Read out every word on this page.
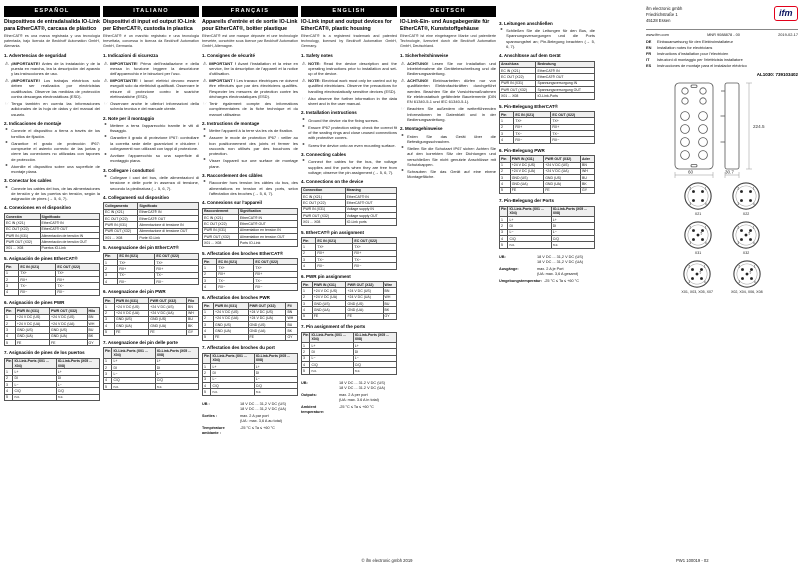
ESPAÑOL
Dispositivos de entrada/salida IO-Link para EtherCAT®, carcasa de plástico

EtherCAT® es una marca registrada y una tecnología patentada, bajo licencia de Beckhoff Automation GmbH, Alemania.

1. Advertencias de seguridad
⚠ ¡IMPORTANTE! Antes de la instalación y de la puesta en marcha, lea la descripción del aparato y las instrucciones de uso.
⚠ ¡IMPORTANTE! Los trabajos eléctricos solo deben ser realizados por electricistas cualificados. Observe las medidas de protección contra descargas electrostáticas (ESD).
☞ Tenga también en cuenta las informaciones adicionales de la hoja de datos y del manual del usuario.
2. Indicaciones de montaje
► Conecte el dispositivo a tierra a través de los tornillos de fijación.
► Garantice el grado de protección IP67: compruebe el asiento correcto de las juntas y cierre las conexiones no utilizadas con tapones de protección.
► Atornille el dispositivo sobre una superficie de montaje plana.
3. Conectar los cables
► Conecte los cables del bus, de las alimentaciones de tensión y de los puertos sin tensión, según la asignación de pines (→ 5, 6, 7).
4. Conexiones en el dispositivo
Conexión	Significado
EC IN (X21)	EtherCAT® IN
EC OUT (X22)	EtherCAT® OUT
PWR IN (X31)	Alimentación de tensión IN
PWR OUT (X32)	Alimentación de tensión OUT
X01 ... X08	Puertos IO-Link
5. Asignación de pines EtherCAT®
Pin	EC IN (X21)	EC OUT (X22)
1	TX+	TX+
2	RX+	RX+
3	TX−	TX−
4	RX−	RX−
6. Asignación de pines PWR
Pin	PWR IN (X31)	PWR OUT (X32)	Hilo
1	+24 V DC (US)	+24 V DC (US)	BN
2	+24 V DC (UA)	+24 V DC (UA)	WH
3	GND (US)	GND (US)	BU
4	GND (UA)	GND (UA)	BK
5	FE	FE	GY
7. Asignación de pines de los puertos
Pin	IO-Link-Ports (X01 ... X04)	IO-Link-Ports (X05 ... X08)
1	L+	L+
2	DI	DI
3	L−	L−
4	C/Q	C/Q
5	n.c.	n.c.
ITALIANO
Dispositivi di input ed output IO-Link per EtherCAT®, custodia in plastica

EtherCAT® è un marchio registrato e una tecnologia brevettata, concessa in licenza da Beckhoff Automation GmbH, Germania.

1. Indicazioni di sicurezza
⚠ IMPORTANTE! Prima dell'installazione e della messa in funzione leggere la descrizione dell'apparecchio e le istruzioni per l'uso.
⚠ IMPORTANTE! I lavori elettrici devono essere eseguiti solo da elettricisti qualificati. Osservare le misure di protezione contro le scariche elettrostatiche (ESD).
☞ Osservare anche le ulteriori informazioni della scheda tecnica e del manuale utente.
2. Note per il montaggio
► Mettere a terra l'apparecchio tramite le viti di fissaggio.
► Garantire il grado di protezione IP67: controllare la corretta sede delle guarnizioni e chiudere i collegamenti non utilizzati con tappi di protezione.
► Avvitare l'apparecchio su una superficie di montaggio piana.
3. Collegare i conduttori
► Collegare i cavi del bus, delle alimentazioni di tensione e delle porte in assenza di tensione, secondo la piedinatura (→ 5, 6, 7).
4. Collegamenti sul dispositivo
Collegamento	Significato
EC IN (X21)	EtherCAT® IN
EC OUT (X22)	EtherCAT® OUT
PWR IN (X31)	Alimentazione di tensione IN
PWR OUT (X32)	Alimentazione di tensione OUT
X01 ... X08	Porte IO-Link
5. Assegnazione dei pin EtherCAT®
Pin	EC IN (X21)	EC OUT (X22)
1	TX+	TX+
2	RX+	RX+
3	TX−	TX−
4	RX−	RX−
6. Assegnazione dei pin PWR
Pin	PWR IN (X31)	PWR OUT (X32)	Filo
1	+24 V DC (US)	+24 V DC (US)	BN
2	+24 V DC (UA)	+24 V DC (UA)	WH
3	GND (US)	GND (US)	BU
4	GND (UA)	GND (UA)	BK
5	FE	FE	GY
7. Assegnazione dei pin delle porte
Pin	IO-Link-Ports (X01 ... X04)	IO-Link-Ports (X05 ... X08)
1	L+	L+
2	DI	DI
3	L−	L−
4	C/Q	C/Q
5	n.c.	n.c.
FRANÇAIS
Appareils d'entrée et de sortie IO-Link pour EtherCAT®, boîtier plastique

EtherCAT® est une marque déposée et une technologie brevetée, concédée sous licence par Beckhoff Automation GmbH, Allemagne.

1. Consignes de sécurité
⚠ IMPORTANT ! Avant l'installation et la mise en service, lire la description de l'appareil et la notice d'utilisation.
⚠ IMPORTANT ! Les travaux électriques ne doivent être effectués que par des électriciens qualifiés. Respecter les mesures de protection contre les décharges électrostatiques (ESD).
☞ Tenir également compte des informations complémentaires de la fiche technique et du manuel utilisateur.
2. Instructions de montage
► Mettre l'appareil à la terre via les vis de fixation.
► Assurer le mode de protection IP67 : veiller au bon positionnement des joints et fermer les raccords non utilisés par des bouchons de protection.
► Visser l'appareil sur une surface de montage plane.
3. Raccordement des câbles
► Raccorder hors tension les câbles du bus, des alimentations en tension et des ports, selon l'affectation des broches (→ 5, 6, 7).
4. Connexions sur l'appareil
Raccordement	Signification
EC IN (X21)	EtherCAT® IN
EC OUT (X22)	EtherCAT® OUT
PWR IN (X31)	Alimentation en tension IN
PWR OUT (X32)	Alimentation en tension OUT
X01 ... X08	Ports IO-Link
5. Affectation des broches EtherCAT®
Pin	EC IN (X21)	EC OUT (X22)
1	TX+	TX+
2	RX+	RX+
3	TX−	TX−
4	RX−	RX−
6. Affectation des broches PWR
Pin	PWR IN (X31)	PWR OUT (X32)	Fil
1	+24 V DC (US)	+24 V DC (US)	BN
2	+24 V DC (UA)	+24 V DC (UA)	WH
3	GND (US)	GND (US)	BU
4	GND (UA)	GND (UA)	BK
5	FE	FE	GY
7. Affectation des broches du port
Pin	IO-Link-Ports (X01 ... X04)	IO-Link-Ports (X05 ... X08)
1	L+	L+
2	DI	DI
3	L−	L−
4	C/Q	C/Q
5	n.c.	n.c.
UB :	18 V DC ... 31,2 V DC (US)
18 V DC ... 31,2 V DC (UA)
Sorties :	max. 2 A par port
(UA : max. 3,6 A au total)
Température ambiante :
-25 °C ≤ Ta ≤ +60 °C
ENGLISH
IO-Link input and output devices for EtherCAT®, plastic housing

EtherCAT® is a registered trademark and patented technology, licensed by Beckhoff Automation GmbH, Germany.

1. Safety notes
⚠ NOTE: Read the device description and the operating instructions prior to installation and set-up of the device.
⚠ NOTE: Electrical work must only be carried out by qualified electricians. Observe the precautions for handling electrostatically sensitive devices (ESD).
☞ Also observe the further information in the data sheet and in the user manual.
2. Installation instructions
► Ground the device via the fixing screws.
► Ensure IP67 protection rating: check the correct fit of the sealing rings and close unused connections with protective covers.
► Screw the device onto an even mounting surface.
3. Connecting cables
► Connect the cables for the bus, the voltage supplies and the ports when they are free from voltage; observe the pin assignment (→ 5, 6, 7).
4. Connections on the device
Connection	Meaning
EC IN (X21)	EtherCAT® IN
EC OUT (X22)	EtherCAT® OUT
PWR IN (X31)	Voltage supply IN
PWR OUT (X32)	Voltage supply OUT
X01 ... X08	IO-Link ports
5. EtherCAT® pin assignment
Pin	EC IN (X21)	EC OUT (X22)
1	TX+	TX+
2	RX+	RX+
3	TX−	TX−
4	RX−	RX−
6. PWR pin assignment
Pin	PWR IN (X31)	PWR OUT (X32)	Wire
1	+24 V DC (US)	+24 V DC (US)	BN
2	+24 V DC (UA)	+24 V DC (UA)	WH
3	GND (US)	GND (US)	BU
4	GND (UA)	GND (UA)	BK
5	FE	FE	GY
7. Pin assignment of the ports
Pin	IO-Link-Ports (X01 ... X04)	IO-Link-Ports (X05 ... X08)
1	L+	L+
2	DI	DI
3	L−	L−
4	C/Q	C/Q
5	n.c.	n.c.
UB:	18 V DC ... 31.2 V DC (US)
18 V DC ... 31.2 V DC (UA)
Outputs:	max. 2 A per port
(UA: max. 3.6 A in total)
Ambient temperature:
-25 °C ≤ Ta ≤ +60 °C
DEUTSCH
IO-Link-Ein- und Ausgabegeräte für EtherCAT®, Kunststoffgehäuse

EtherCAT® ist eine eingetragene Marke und patentierte Technologie, lizenziert durch die Beckhoff Automation GmbH, Deutschland.

1. Sicherheitshinweise
⚠ ACHTUNG! Lesen Sie vor Installation und Inbetriebnahme die Gerätebeschreibung und die Bedienungsanleitung.
⚠ ACHTUNG! Elektroarbeiten dürfen nur von qualifizierten Elektrofachkräften durchgeführt werden. Beachten Sie die Vorsichtsmaßnahmen für elektrostatisch gefährdete Bauelemente (DIN EN 61340-5-1 und IEC 61340-5-1).
☞ Beachten Sie außerdem die weiterführenden Informationen im Datenblatt und in der Bedienungsanleitung.
2. Montagehinweise
► Erden Sie das Gerät über die Befestigungsschrauben.
► Stellen Sie die Schutzart IP67 sicher: Achten Sie auf den korrekten Sitz der Dichtungen und verschließen Sie nicht genutzte Anschlüsse mit Schutzkappen.
► Schrauben Sie das Gerät auf eine ebene Montagefläche.

3. Leitungen anschließen
► Schließen Sie die Leitungen für den Bus, die Spannungsversorgungen und die Ports spannungsfrei an; Pin-Belegung beachten (→ 5, 6, 7).
4. Anschlüsse auf dem Gerät
Anschluss	Bedeutung
EC IN (X21)	EtherCAT® IN
EC OUT (X22)	EtherCAT® OUT
PWR IN (X31)	Spannungsversorgung IN
PWR OUT (X32)	Spannungsversorgung OUT
X01 ... X08	IO-Link-Ports
5. Pin-Belegung EtherCAT®
Pin	EC IN (X21)	EC OUT (X22)
1	TX+	TX+
2	RX+	RX+
3	TX−	TX−
4	RX−	RX−
6. Pin-Belegung PWR
Pin	PWR IN (X31)	PWR OUT (X32)	Ader
1	+24 V DC (US)	+24 V DC (US)	BN
2	+24 V DC (UA)	+24 V DC (UA)	WH
3	GND (US)	GND (US)	BU
4	GND (UA)	GND (UA)	BK
5	FE	FE	GY
7. Pin-Belegung der Ports
Pin	IO-Link-Ports (X01 ... X04)	IO-Link-Ports (X05 ... X08)
1	L+	L+
2	DI	DI
3	L−	L−
4	C/Q	C/Q
5	n.c.	n.c.
UB:	18 V DC ... 31,2 V DC (US)
18 V DC ... 31,2 V DC (UA)
Ausgänge:	max. 2 A je Port
(UA: max. 3,6 A gesamt)
Umgebungstemperatur: -25 °C ≤ Ta ≤ +60 °C
ifm electronic gmbh
Friedrichstraße 1
45128 Essen
ifm
www.ifm.com	MNR 9088878 - 00	2019-02-17
DE	Einbauanweisung für den Elektroinstallateur
EN	Installation notes for electricians
FR	Instructions d'installation pour l'électricien
IT	Istruzioni di montaggio per l'elettricista installatore
ES	Instrucciones de montaje para el instalador eléctrico
AL1030: 739103402
224.5
60	30.7
1
2
3	4
X21
1
2
3	4
X22
1
2
3	4
5
X31
1
2
3	4
5
X32
1
2
3	4
5
X01, X03, X05, X07
1
2
3	4
5
X02, X04, X06, X08
© ifm electronic gmbh 2019	PW1 100019 - 02
